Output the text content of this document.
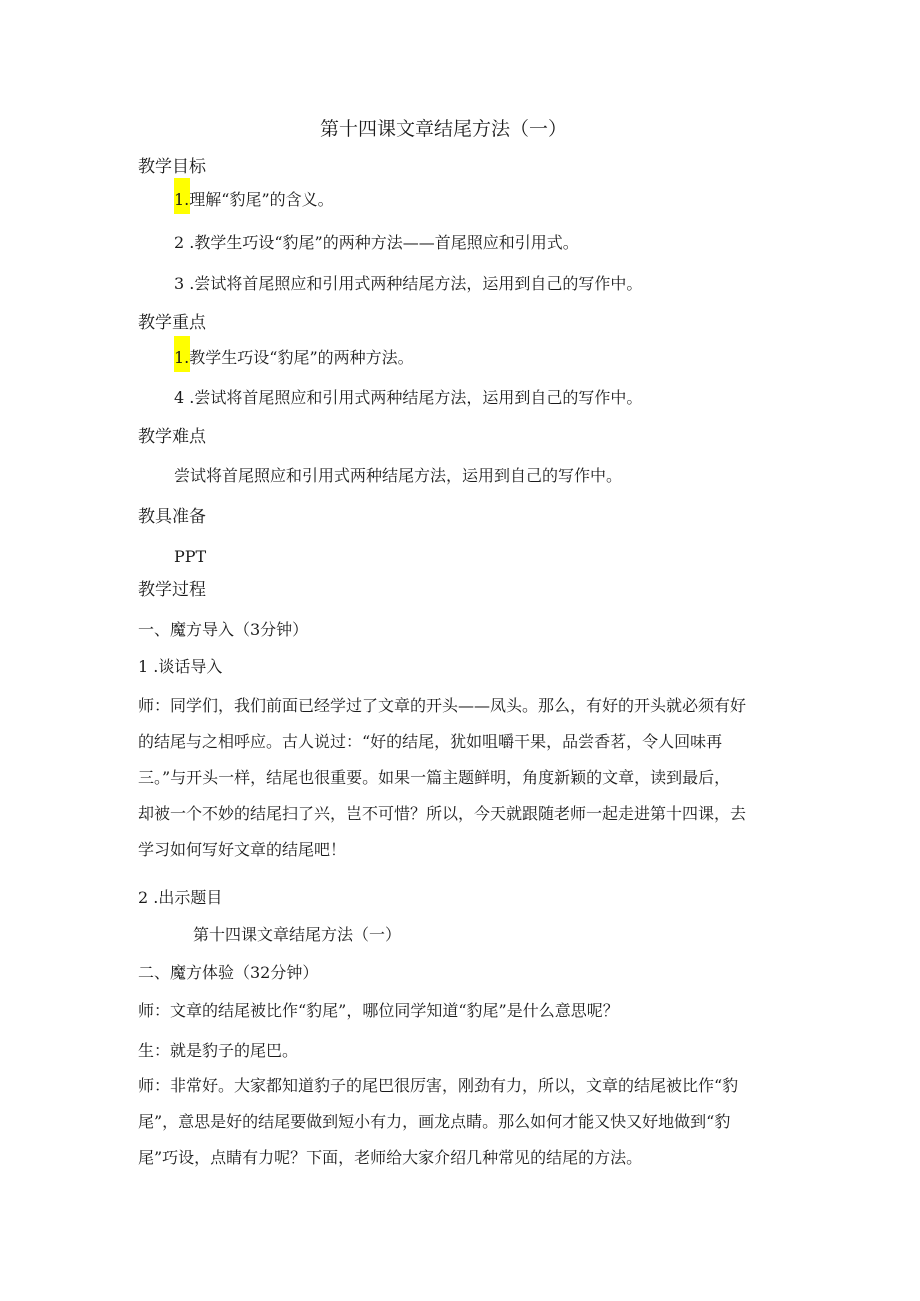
第十四课文章结尾方法（一）
教学目标
1.理解“豹尾”的含义。
2 .教学生巧设“豹尾”的两种方法——首尾照应和引用式。
3 .尝试将首尾照应和引用式两种结尾方法，运用到自己的写作中。
教学重点
1.教学生巧设“豹尾”的两种方法。
4 .尝试将首尾照应和引用式两种结尾方法，运用到自己的写作中。
教学难点
尝试将首尾照应和引用式两种结尾方法，运用到自己的写作中。
教具准备
PPT
教学过程
一、魔方导入（3分钟）
1 .谈话导入
师：同学们，我们前面已经学过了文章的开头——凤头。那么，有好的开头就必须有好
的结尾与之相呼应。古人说过：“好的结尾，犹如咀嚼干果，品尝香茗，令人回味再
三。”与开头一样，结尾也很重要。如果一篇主题鲜明，角度新颖的文章，读到最后，
却被一个不妙的结尾扫了兴，岂不可惜？所以，今天就跟随老师一起走进第十四课，去
学习如何写好文章的结尾吧！
2 .出示题目
第十四课文章结尾方法（一）
二、魔方体验（32分钟）
师：文章的结尾被比作“豹尾”，哪位同学知道“豹尾”是什么意思呢？
生：就是豹子的尾巴。
师：非常好。大家都知道豹子的尾巴很厉害，刚劲有力，所以，文章的结尾被比作“豹
尾”，意思是好的结尾要做到短小有力，画龙点睛。那么如何才能又快又好地做到“豹
尾”巧设，点睛有力呢？下面，老师给大家介绍几种常见的结尾的方法。
